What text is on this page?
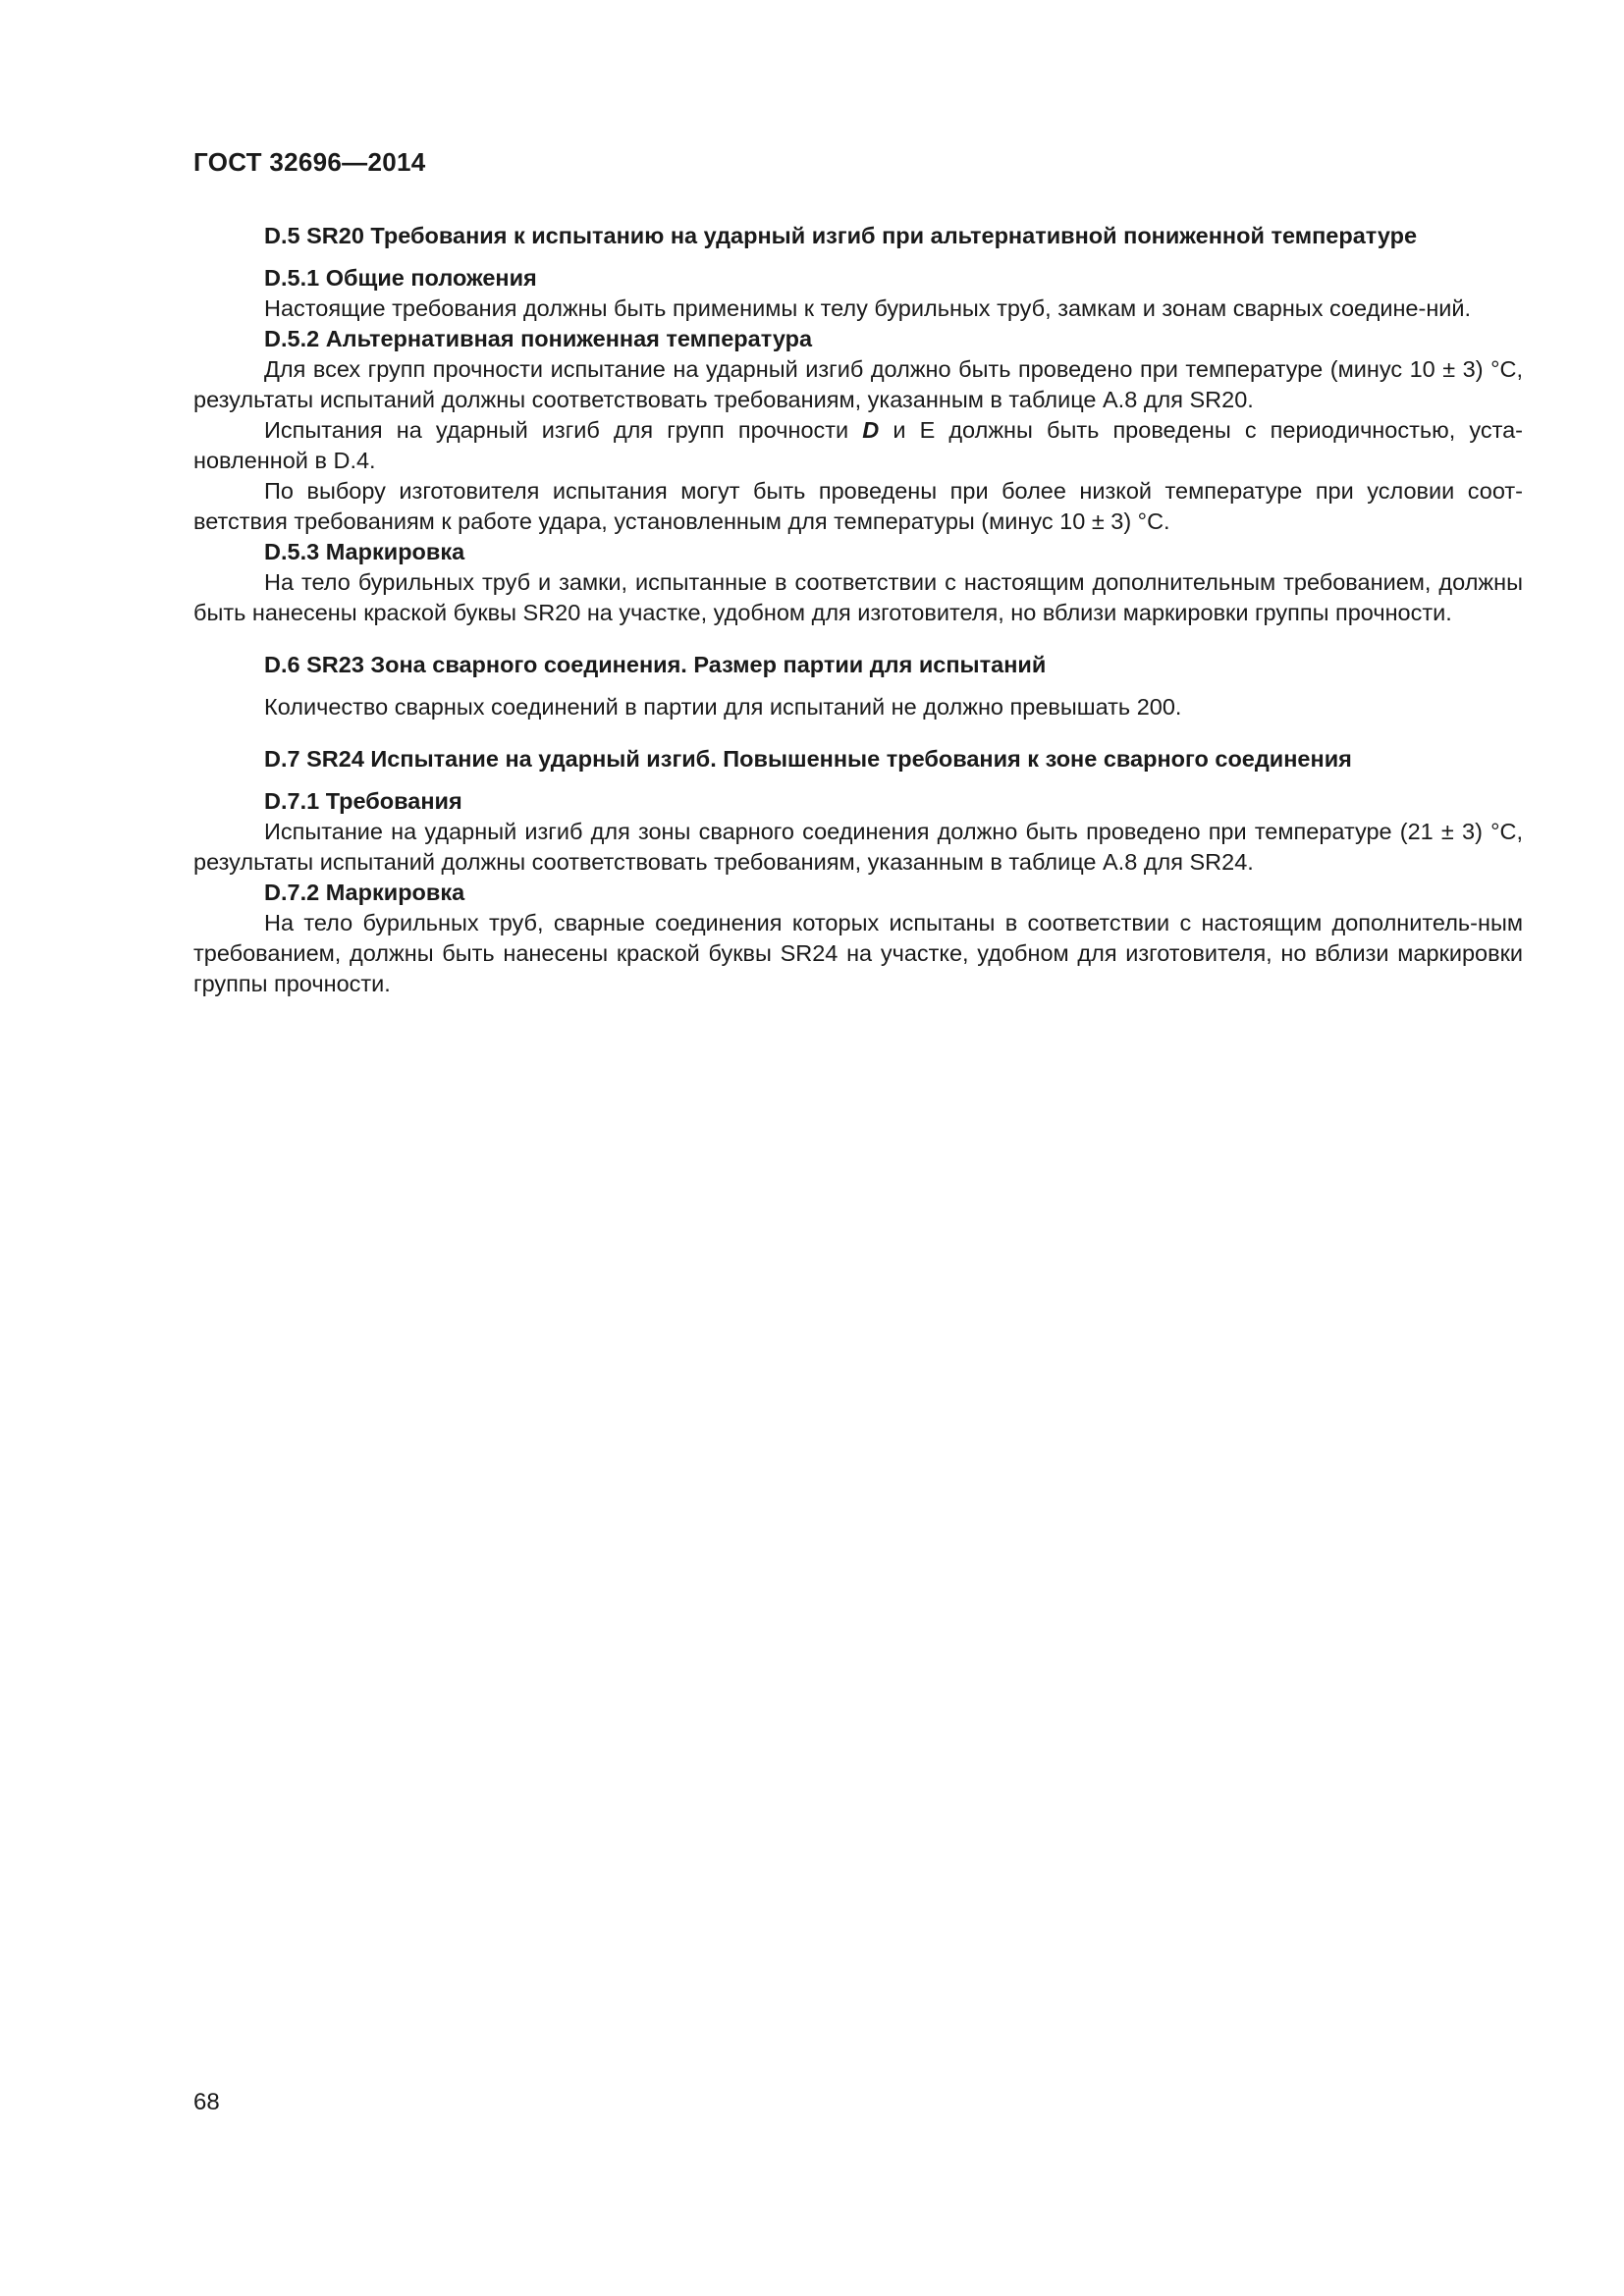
ГОСТ 32696—2014

D.5 SR20 Требования к испытанию на ударный изгиб при альтернативной пониженной температуре

D.5.1 Общие положения

Настоящие требования должны быть применимы к телу бурильных труб, замкам и зонам сварных соедине-ний.

D.5.2 Альтернативная пониженная температура

Для всех групп прочности испытание на ударный изгиб должно быть проведено при температуре (минус 10 ± 3) °С, результаты испытаний должны соответствовать требованиям, указанным в таблице А.8 для SR20.

Испытания на ударный изгиб для групп прочности D и Е должны быть проведены с периодичностью, уста-новленной в D.4.

По выбору изготовителя испытания могут быть проведены при более низкой температуре при условии соот-ветствия требованиям к работе удара, установленным для температуры (минус 10 ± 3) °С.

D.5.3 Маркировка

На тело бурильных труб и замки, испытанные в соответствии с настоящим дополнительным требованием, должны быть нанесены краской буквы SR20 на участке, удобном для изготовителя, но вблизи маркировки группы прочности.

D.6 SR23 Зона сварного соединения. Размер партии для испытаний

Количество сварных соединений в партии для испытаний не должно превышать 200.

D.7 SR24 Испытание на ударный изгиб. Повышенные требования к зоне сварного соединения

D.7.1 Требования

Испытание на ударный изгиб для зоны сварного соединения должно быть проведено при температуре (21 ± 3) °С, результаты испытаний должны соответствовать требованиям, указанным в таблице А.8 для SR24.

D.7.2 Маркировка

На тело бурильных труб, сварные соединения которых испытаны в соответствии с настоящим дополнитель-ным требованием, должны быть нанесены краской буквы SR24 на участке, удобном для изготовителя, но вблизи маркировки группы прочности.

68
